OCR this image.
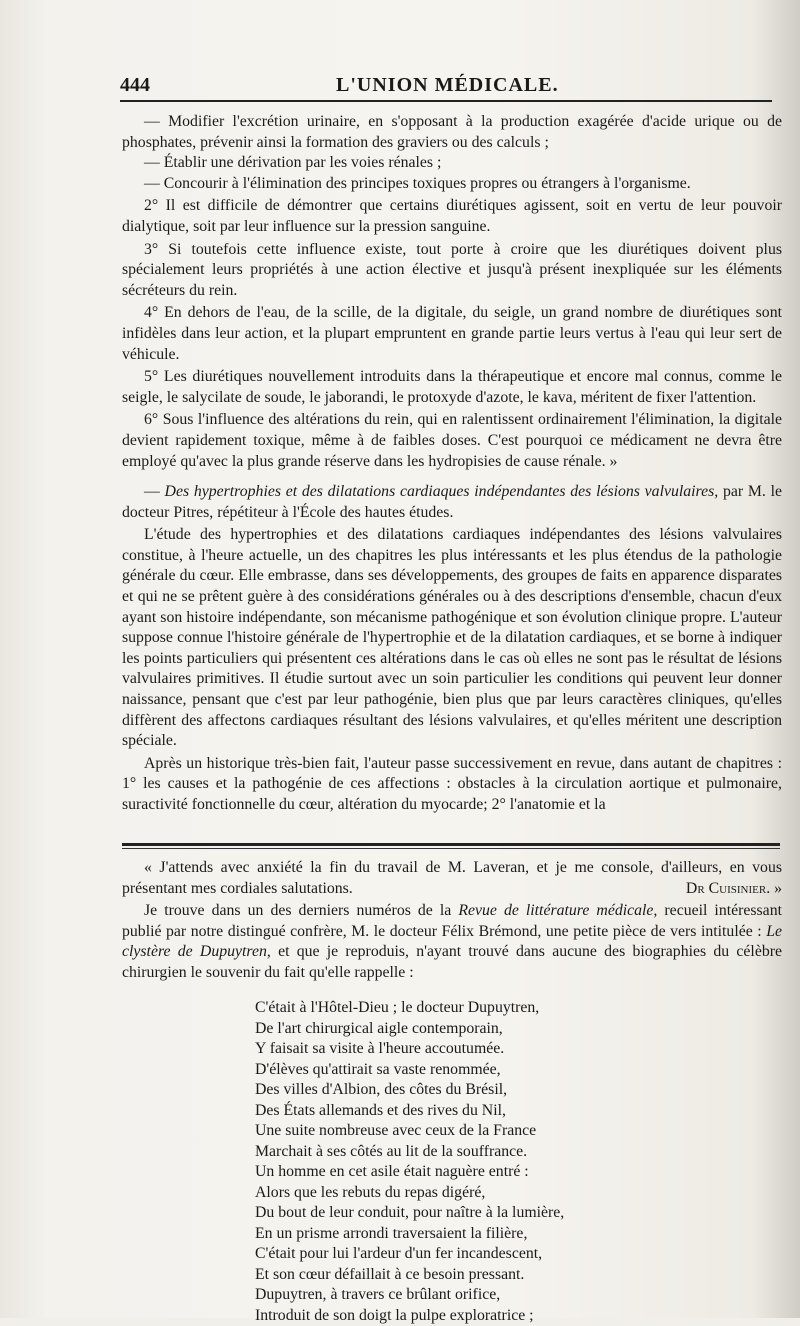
444	L'UNION MÉDICALE.

— Modifier l'excrétion urinaire, en s'opposant à la production exagérée d'acide urique ou de phosphates, prévenir ainsi la formation des graviers ou des calculs ;

— Établir une dérivation par les voies rénales ;

— Concourir à l'élimination des principes toxiques propres ou étrangers à l'organisme.

2° Il est difficile de démontrer que certains diurétiques agissent, soit en vertu de leur pouvoir dialytique, soit par leur influence sur la pression sanguine.

3° Si toutefois cette influence existe, tout porte à croire que les diurétiques doivent plus spécialement leurs propriétés à une action élective et jusqu'à présent inexpliquée sur les éléments sécréteurs du rein.

4° En dehors de l'eau, de la scille, de la digitale, du seigle, un grand nombre de diurétiques sont infidèles dans leur action, et la plupart empruntent en grande partie leurs vertus à l'eau qui leur sert de véhicule.

5° Les diurétiques nouvellement introduits dans la thérapeutique et encore mal connus, comme le seigle, le salycilate de soude, le jaborandi, le protoxyde d'azote, le kava, méritent de fixer l'attention.

6° Sous l'influence des altérations du rein, qui en ralentissent ordinairement l'élimination, la digitale devient rapidement toxique, même à de faibles doses. C'est pourquoi ce médicament ne devra être employé qu'avec la plus grande réserve dans les hydropisies de cause rénale. »

— Des hypertrophies et des dilatations cardiaques indépendantes des lésions valvulaires, par M. le docteur Pitres, répétiteur à l'École des hautes études.

L'étude des hypertrophies et des dilatations cardiaques indépendantes des lésions valvulaires constitue, à l'heure actuelle, un des chapitres les plus intéressants et les plus étendus de la pathologie générale du cœur. Elle embrasse, dans ses développements, des groupes de faits en apparence disparates et qui ne se prêtent guère à des considérations générales ou à des descriptions d'ensemble, chacun d'eux ayant son histoire indépendante, son mécanisme pathogénique et son évolution clinique propre. L'auteur suppose connue l'histoire générale de l'hypertrophie et de la dilatation cardiaques, et se borne à indiquer les points particuliers qui présentent ces altérations dans le cas où elles ne sont pas le résultat de lésions valvulaires primitives. Il étudie surtout avec un soin particulier les conditions qui peuvent leur donner naissance, pensant que c'est par leur pathogénie, bien plus que par leurs caractères cliniques, qu'elles diffèrent des affectons cardiaques résultant des lésions valvulaires, et qu'elles méritent une description spéciale.

Après un historique très-bien fait, l'auteur passe successivement en revue, dans autant de chapitres : 1° les causes et la pathogénie de ces affections : obstacles à la circulation aortique et pulmonaire, suractivité fonctionnelle du cœur, altération du myocarde; 2° l'anatomie et la

« J'attends avec anxiété la fin du travail de M. Laveran, et je me console, d'ailleurs, en vous présentant mes cordiales salutations.	Dr Cuisinier. »

Je trouve dans un des derniers numéros de la Revue de littérature médicale, recueil intéressant publié par notre distingué confrère, M. le docteur Félix Brémond, une petite pièce de vers intitulée : Le clystère de Dupuytren, et que je reproduis, n'ayant trouvé dans aucune des biographies du célèbre chirurgien le souvenir du fait qu'elle rappelle :

C'était à l'Hôtel-Dieu ; le docteur Dupuytren,
De l'art chirurgical aigle contemporain,
Y faisait sa visite à l'heure accoutumée.
D'élèves qu'attirait sa vaste renommée,
Des villes d'Albion, des côtes du Brésil,
Des États allemands et des rives du Nil,
Une suite nombreuse avec ceux de la France
Marchait à ses côtés au lit de la souffrance.
Un homme en cet asile était naguère entré :
Alors que les rebuts du repas digéré,
Du bout de leur conduit, pour naître à la lumière,
En un prisme arrondi traversaient la filière,
C'était pour lui l'ardeur d'un fer incandescent,
Et son cœur défaillait à ce besoin pressant.
Dupuytren, à travers ce brûlant orifice,
Introduit de son doigt la pulpe exploratrice ;
